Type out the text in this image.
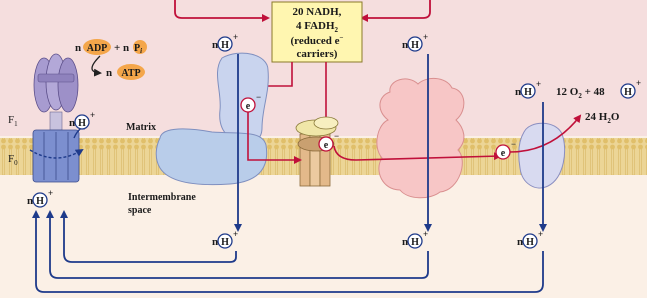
20 NADH,
4 $FADH_2$
(reduced e−
carriers)
$F_1$
$F_0$
n ADP + n $P_i$
n ATP
Matrix
e
−
e
−
e
−
n H
+
n H
+
n H
+
n H
+
n H
+
n H
+
n H
+
n H
+
Intermembrane
space
12 $O_2 + 48$ H
+
24 $H_2O$
